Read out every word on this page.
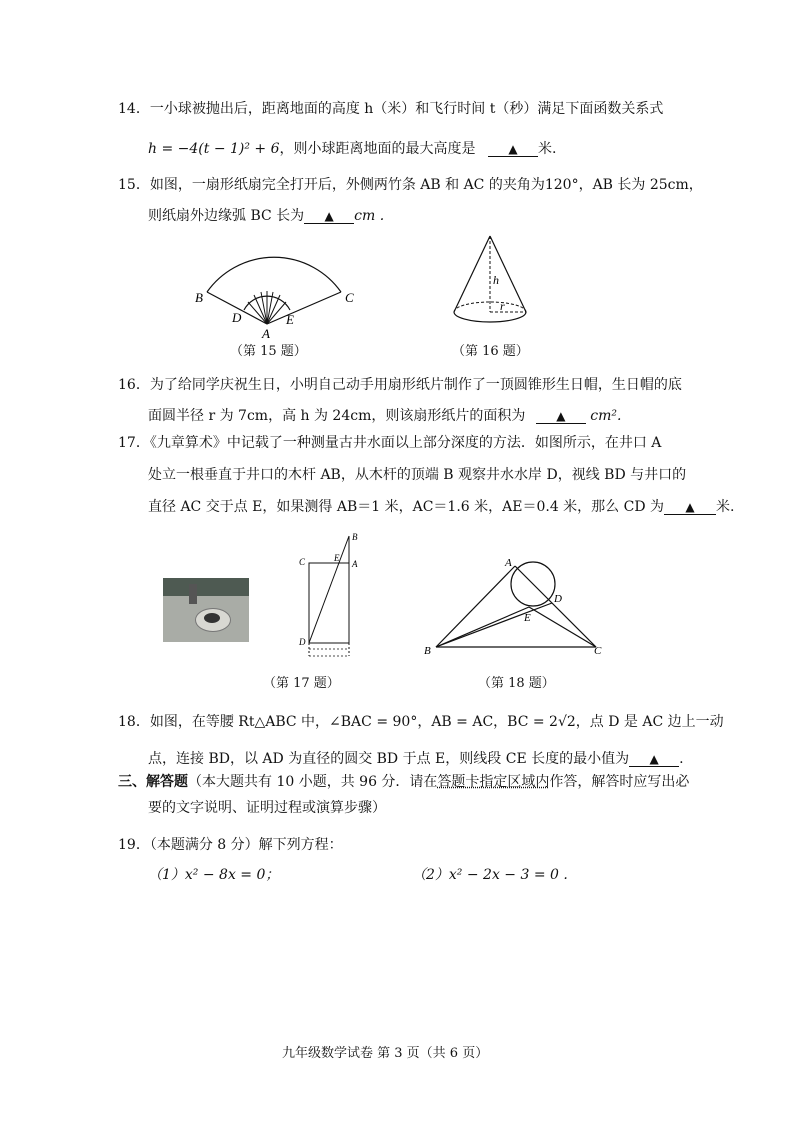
14．一小球被抛出后，距离地面的高度 h（米）和飞行时间 t（秒）满足下面函数关系式
h = −4(t − 1)² + 6，则小球距离地面的最大高度是	▲ 米.
15．如图，一扇形纸扇完全打开后，外侧两竹条 AB 和 AC 的夹角为120°，AB 长为 25cm，
则纸扇外边缘弧 BC 长为 ▲ cm .
B	C
D
A
E
（第 15 题）
h
r
（第 16 题）
16．为了给同学庆祝生日，小明自己动手用扇形纸片制作了一顶圆锥形生日帽，生日帽的底
面圆半径 r 为 7cm，高 h 为 24cm，则该扇形纸片的面积为	▲ cm².
17．《九章算术》中记载了一种测量古井水面以上部分深度的方法．如图所示，在井口 A
处立一根垂直于井口的木杆 AB，从木杆的顶端 B 观察井水水岸 D，视线 BD 与井口的
直径 AC 交于点 E，如果测得 AB＝1 米，AC＝1.6 米，AE＝0.4 米，那么 CD 为 ▲ 米.
B
C	E
A
D
（第 17 题）
A
D
E
B	C
（第 18 题）
18．如图，在等腰 Rt△ABC 中，∠BAC = 90°，AB = AC，BC = 2√2，点 D 是 AC 边上一动
点，连接 BD，以 AD 为直径的圆交 BD 于点 E，则线段 CE 长度的最小值为 ▲ .
三、解答题（本大题共有 10 小题，共 96 分．请在答题卡指定区域内作答，解答时应写出必
要的文字说明、证明过程或演算步骤）
19．（本题满分 8 分）解下列方程：
（1）x² − 8x = 0；	（2）x² − 2x − 3 = 0 .
九年级数学试卷 第 3 页（共 6 页）
